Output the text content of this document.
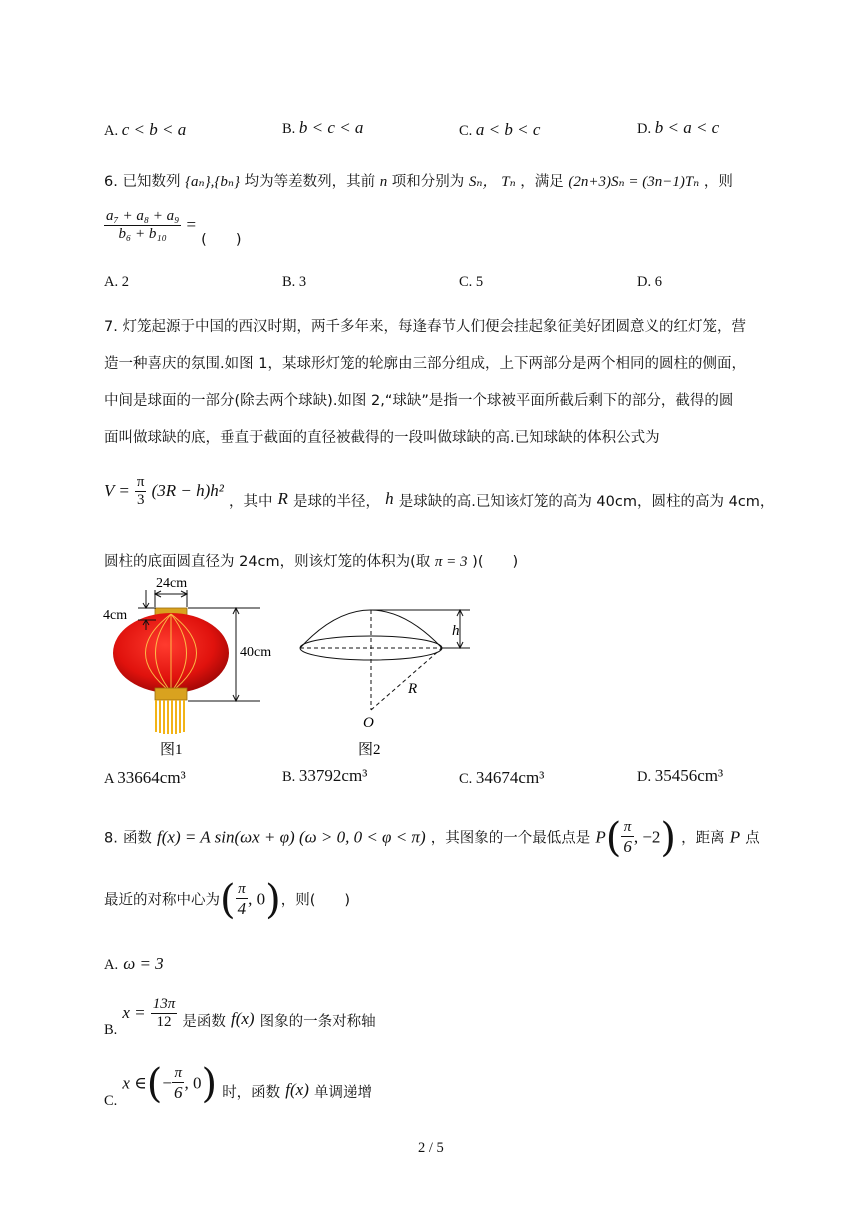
A. c < b < a	B. b < c < a	C. a < b < c	D. b < a < c
6. 已知数列 {aₙ},{bₙ} 均为等差数列，其前 n 项和分别为 Sₙ， Tₙ ，满足 (2n+3)Sₙ = (3n−1)Tₙ ，则
$\frac{\text{a₇ + a₈ + a₉}}{\text{b₆ + b₁₀}}$ = (　　)
A. 2	B. 3	C. 5	D. 6
7. 灯笼起源于中国的西汉时期，两千多年来，每逢春节人们便会挂起象征美好团圆意义的红灯笼，营
造一种喜庆的氛围.如图 1，某球形灯笼的轮廓由三部分组成，上下两部分是两个相同的圆柱的侧面，
中间是球面的一部分(除去两个球缺).如图 2,“球缺”是指一个球被平面所截后剩下的部分，截得的圆
面叫做球缺的底，垂直于截面的直径被截得的一段叫做球缺的高.已知球缺的体积公式为
$V = \frac{\pi}{3} (3R - h)h^2$ ，其中 R 是球的半径， h 是球缺的高.已知该灯笼的高为 40cm，圆柱的高为 4cm，
圆柱的底面圆直径为 24cm，则该灯笼的体积为(取 π = 3 )(　　)
24cm
4cm
40cm
图1
h
R
O
图2
A 33664cm³	B. 33792cm³	C. 34674cm³	D. 35456cm³
8. 函数 f(x) = A sin(ωx + φ) (ω > 0, 0 < φ < π) ，其图象的一个最低点是 $P( \frac{\pi}{6}$ , −2) ，距离 P 点
最近的对称中心为( $\frac{\pi}{4}$ , 0)，则(　　)
A. ω = 3
B. $x = \frac{13\pi}{12}$ 是函数 f(x) 图象的一条对称轴
C. x ∈(− $\frac{\pi}{6}$ , 0) 时，函数 f(x) 单调递增
2 / 5
